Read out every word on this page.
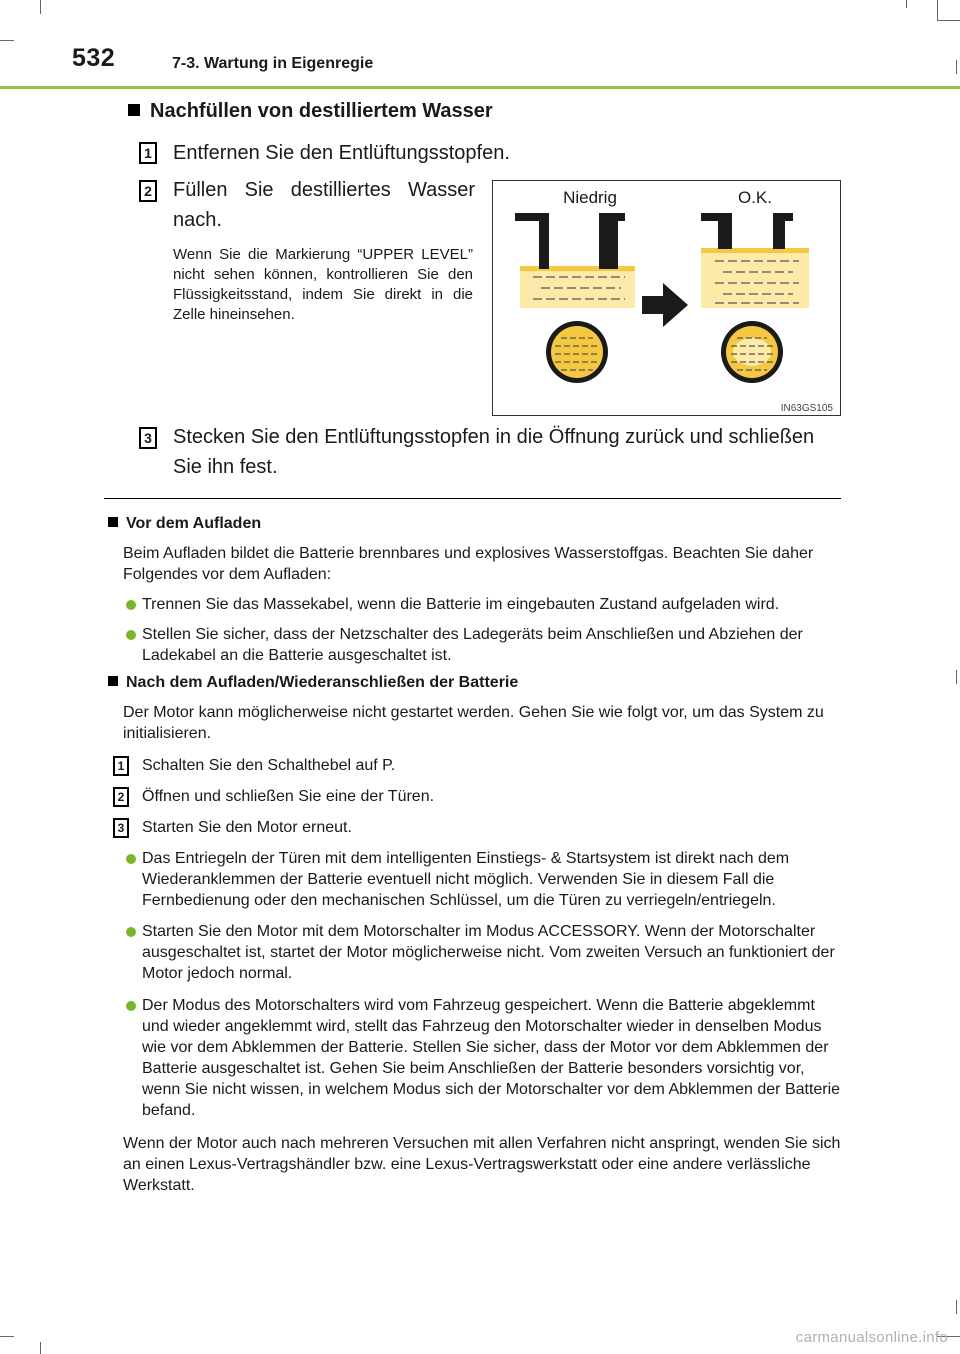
532	7-3. Wartung in Eigenregie
Nachfüllen von destilliertem Wasser
1 Entfernen Sie den Entlüftungsstopfen.
2 Füllen Sie destilliertes Wasser nach.
Wenn Sie die Markierung “UPPER LEVEL” nicht sehen können, kontrollieren Sie den Flüssigkeitsstand, indem Sie direkt in die Zelle hineinsehen.
3 Stecken Sie den Entlüftungsstopfen in die Öffnung zurück und schließen Sie ihn fest.
Niedrig	O.K.
IN63GS105
Vor dem Aufladen
Beim Aufladen bildet die Batterie brennbares und explosives Wasserstoffgas. Beachten Sie daher Folgendes vor dem Aufladen:
Trennen Sie das Massekabel, wenn die Batterie im eingebauten Zustand aufgeladen wird.
Stellen Sie sicher, dass der Netzschalter des Ladegeräts beim Anschließen und Abziehen der Ladekabel an die Batterie ausgeschaltet ist.
Nach dem Aufladen/Wiederanschließen der Batterie
Der Motor kann möglicherweise nicht gestartet werden. Gehen Sie wie folgt vor, um das System zu initialisieren.
1 Schalten Sie den Schalthebel auf P.
2 Öffnen und schließen Sie eine der Türen.
3 Starten Sie den Motor erneut.
Das Entriegeln der Türen mit dem intelligenten Einstiegs- & Startsystem ist direkt nach dem Wiederanklemmen der Batterie eventuell nicht möglich. Verwenden Sie in diesem Fall die Fernbedienung oder den mechanischen Schlüssel, um die Türen zu verriegeln/entriegeln.
Starten Sie den Motor mit dem Motorschalter im Modus ACCESSORY. Wenn der Motorschalter ausgeschaltet ist, startet der Motor möglicherweise nicht. Vom zweiten Versuch an funktioniert der Motor jedoch normal.
Der Modus des Motorschalters wird vom Fahrzeug gespeichert. Wenn die Batterie abgeklemmt und wieder angeklemmt wird, stellt das Fahrzeug den Motorschalter wieder in denselben Modus wie vor dem Abklemmen der Batterie. Stellen Sie sicher, dass der Motor vor dem Abklemmen der Batterie ausgeschaltet ist. Gehen Sie beim Anschließen der Batterie besonders vorsichtig vor, wenn Sie nicht wissen, in welchem Modus sich der Motorschalter vor dem Abklemmen der Batterie befand.
Wenn der Motor auch nach mehreren Versuchen mit allen Verfahren nicht anspringt, wenden Sie sich an einen Lexus-Vertragshändler bzw. eine Lexus-Vertragswerkstatt oder eine andere verlässliche Werkstatt.
carmanualsonline.info
